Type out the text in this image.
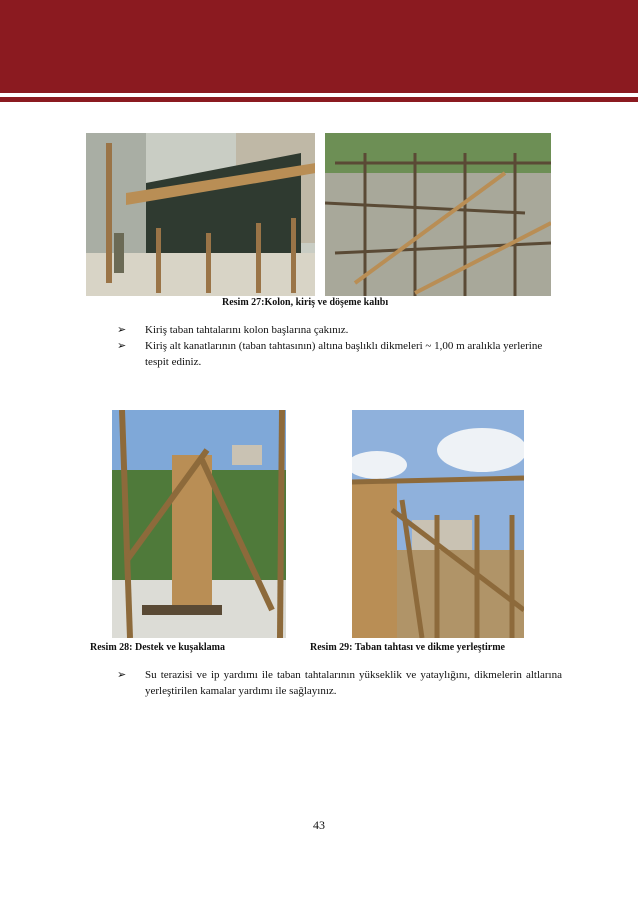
Resim 27:Kolon, kiriş ve döşeme kalıbı
➢	Kiriş taban tahtalarını kolon başlarına çakınız.
➢	Kiriş alt kanatlarının (taban tahtasının) altına başlıklı dikmeleri ~ 1,00 m aralıkla yerlerine tespit ediniz.
Resim 28: Destek ve kuşaklama	Resim 29: Taban tahtası ve dikme yerleştirme
➢	Su terazisi ve ip yardımı ile taban tahtalarının yükseklik ve yataylığını, dikmelerin altlarına yerleştirilen kamalar yardımı ile sağlayınız.
43
